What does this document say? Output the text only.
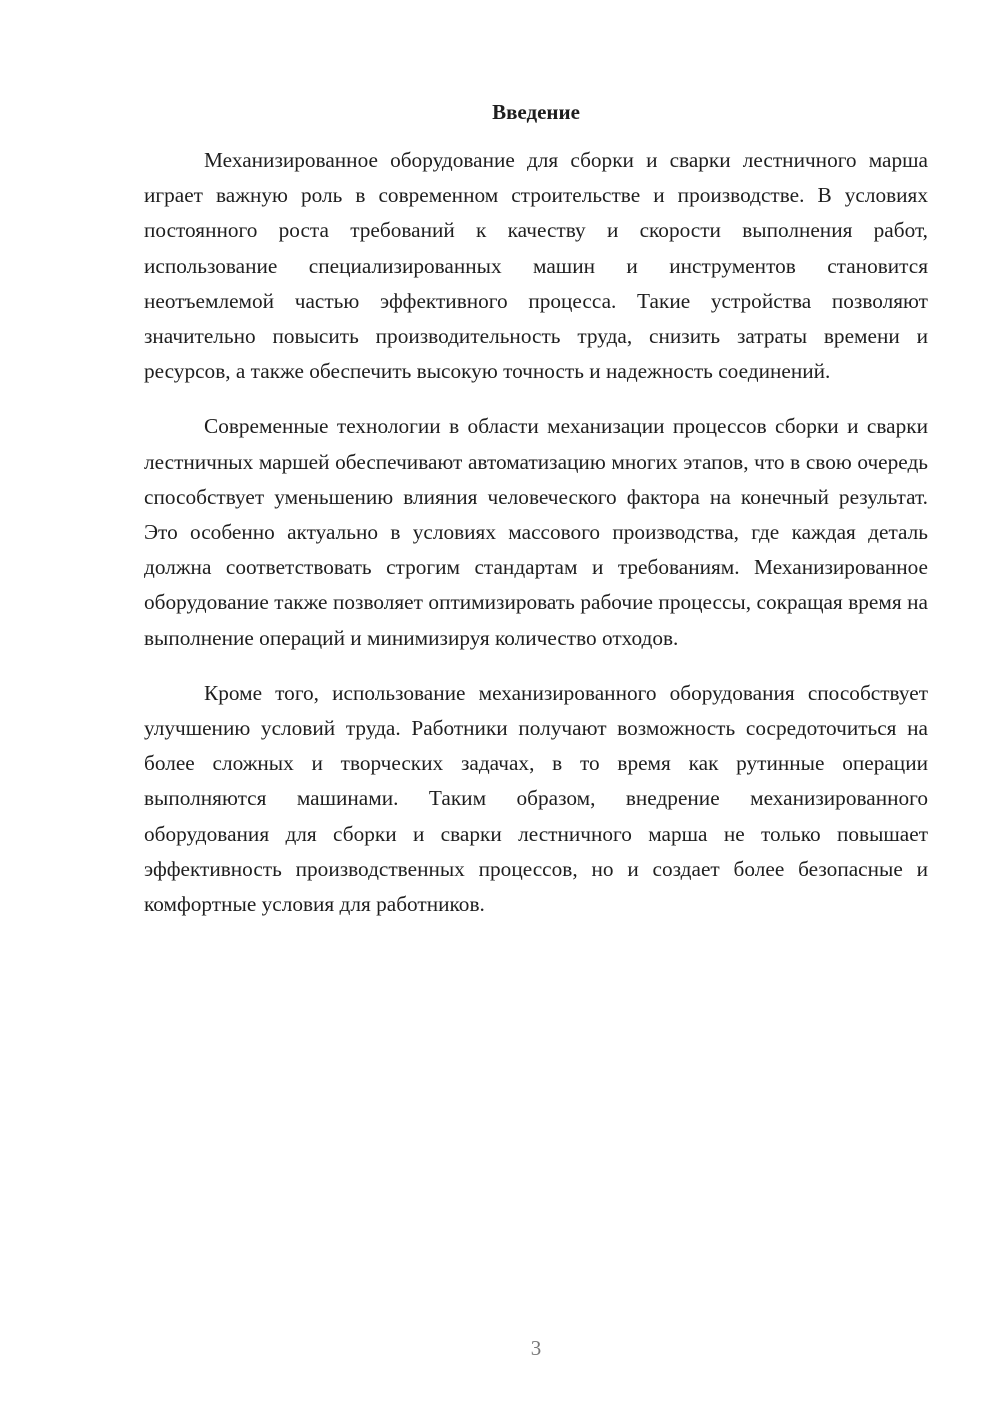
Введение

Механизированное оборудование для сборки и сварки лестничного марша играет важную роль в современном строительстве и производстве. В условиях постоянного роста требований к качеству и скорости выполнения работ, использование специализированных машин и инструментов становится неотъемлемой частью эффективного процесса. Такие устройства позволяют значительно повысить производительность труда, снизить затраты времени и ресурсов, а также обеспечить высокую точность и надежность соединений.

Современные технологии в области механизации процессов сборки и сварки лестничных маршей обеспечивают автоматизацию многих этапов, что в свою очередь способствует уменьшению влияния человеческого фактора на конечный результат. Это особенно актуально в условиях массового производства, где каждая деталь должна соответствовать строгим стандартам и требованиям. Механизированное оборудование также позволяет оптимизировать рабочие процессы, сокращая время на выполнение операций и минимизируя количество отходов.

Кроме того, использование механизированного оборудования способствует улучшению условий труда. Работники получают возможность сосредоточиться на более сложных и творческих задачах, в то время как рутинные операции выполняются машинами. Таким образом, внедрение механизированного оборудования для сборки и сварки лестничного марша не только повышает эффективность производственных процессов, но и создает более безопасные и комфортные условия для работников.

3
